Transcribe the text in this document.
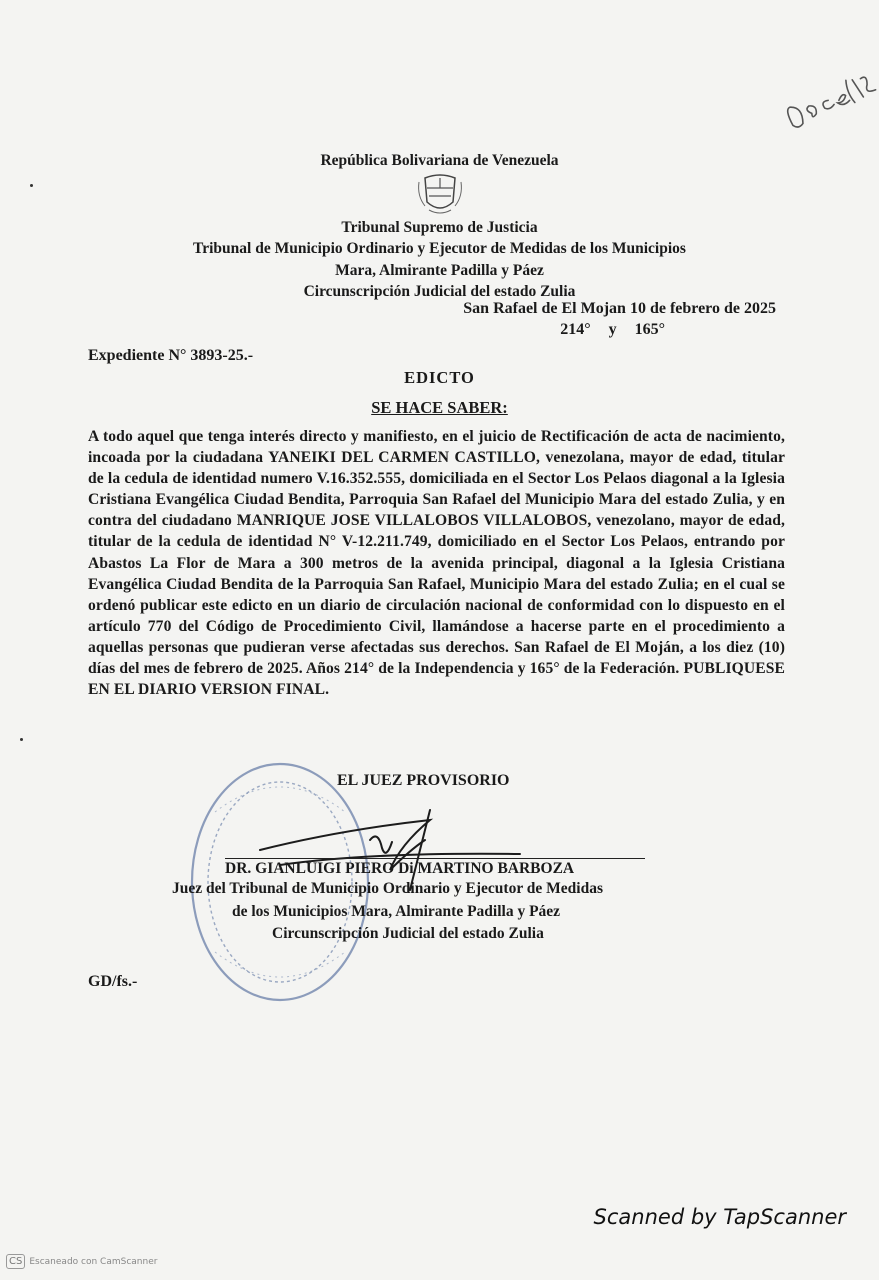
República Bolivariana de Venezuela
Tribunal Supremo de Justicia
Tribunal de Municipio Ordinario y Ejecutor de Medidas de los Municipios
Mara, Almirante Padilla y Páez
Circunscripción Judicial del estado Zulia
San Rafael de El Mojan 10 de febrero de 2025
214° y 165°
Expediente N° 3893-25.-
EDICTO
SE HACE SABER:
A todo aquel que tenga interés directo y manifiesto, en el juicio de Rectificación de acta de nacimiento, incoada por la ciudadana YANEIKI DEL CARMEN CASTILLO, venezolana, mayor de edad, titular de la cedula de identidad numero V.16.352.555, domiciliada en el Sector Los Pelaos diagonal a la Iglesia Cristiana Evangélica Ciudad Bendita, Parroquia San Rafael del Municipio Mara del estado Zulia, y en contra del ciudadano MANRIQUE JOSE VILLALOBOS VILLALOBOS, venezolano, mayor de edad, titular de la cedula de identidad N° V-12.211.749, domiciliado en el Sector Los Pelaos, entrando por Abastos La Flor de Mara a 300 metros de la avenida principal, diagonal a la Iglesia Cristiana Evangélica Ciudad Bendita de la Parroquia San Rafael, Municipio Mara del estado Zulia; en el cual se ordenó publicar este edicto en un diario de circulación nacional de conformidad con lo dispuesto en el artículo 770 del Código de Procedimiento Civil, llamándose a hacerse parte en el procedimiento a aquellas personas que pudieran verse afectadas sus derechos. San Rafael de El Moján, a los diez (10) días del mes de febrero de 2025. Años 214° de la Independencia y 165° de la Federación. PUBLIQUESE EN EL DIARIO VERSION FINAL.
EL JUEZ PROVISORIO
DR. GIANLUIGI PIERO Di MARTINO BARBOZA
Juez del Tribunal de Municipio Ordinario y Ejecutor de Medidas
de los Municipios Mara, Almirante Padilla y Páez
Circunscripción Judicial del estado Zulia
GD/fs.-
Scanned by TapScanner
CS Escaneado con CamScanner
